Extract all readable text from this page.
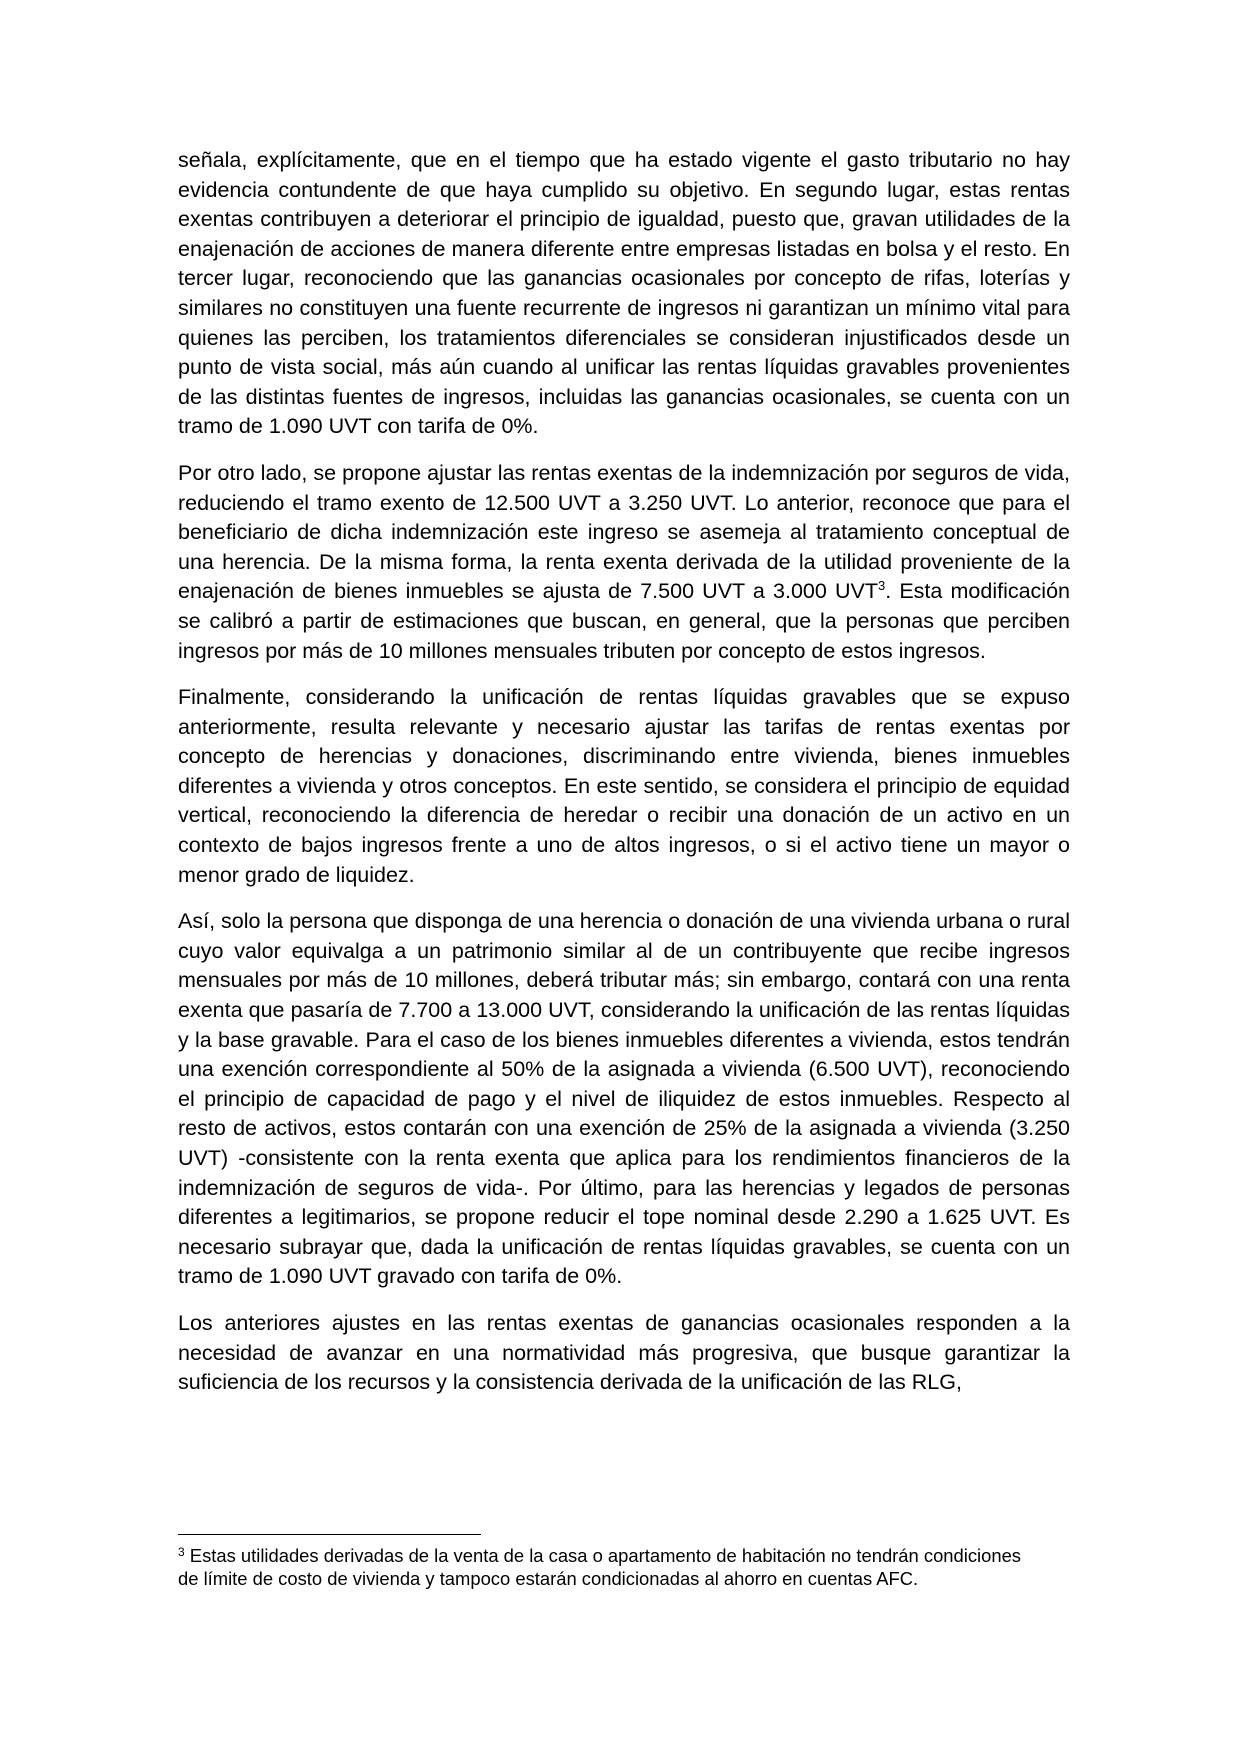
señala, explícitamente, que en el tiempo que ha estado vigente el gasto tributario no hay evidencia contundente de que haya cumplido su objetivo. En segundo lugar, estas rentas exentas contribuyen a deteriorar el principio de igualdad, puesto que, gravan utilidades de la enajenación de acciones de manera diferente entre empresas listadas en bolsa y el resto. En tercer lugar, reconociendo que las ganancias ocasionales por concepto de rifas, loterías y similares no constituyen una fuente recurrente de ingresos ni garantizan un mínimo vital para quienes las perciben, los tratamientos diferenciales se consideran injustificados desde un punto de vista social, más aún cuando al unificar las rentas líquidas gravables provenientes de las distintas fuentes de ingresos, incluidas las ganancias ocasionales, se cuenta con un tramo de 1.090 UVT con tarifa de 0%.

Por otro lado, se propone ajustar las rentas exentas de la indemnización por seguros de vida, reduciendo el tramo exento de 12.500 UVT a 3.250 UVT. Lo anterior, reconoce que para el beneficiario de dicha indemnización este ingreso se asemeja al tratamiento conceptual de una herencia. De la misma forma, la renta exenta derivada de la utilidad proveniente de la enajenación de bienes inmuebles se ajusta de 7.500 UVT a 3.000 UVT$^3$. Esta modificación se calibró a partir de estimaciones que buscan, en general, que la personas que perciben ingresos por más de 10 millones mensuales tributen por concepto de estos ingresos.

Finalmente, considerando la unificación de rentas líquidas gravables que se expuso anteriormente, resulta relevante y necesario ajustar las tarifas de rentas exentas por concepto de herencias y donaciones, discriminando entre vivienda, bienes inmuebles diferentes a vivienda y otros conceptos. En este sentido, se considera el principio de equidad vertical, reconociendo la diferencia de heredar o recibir una donación de un activo en un contexto de bajos ingresos frente a uno de altos ingresos, o si el activo tiene un mayor o menor grado de liquidez.

Así, solo la persona que disponga de una herencia o donación de una vivienda urbana o rural cuyo valor equivalga a un patrimonio similar al de un contribuyente que recibe ingresos mensuales por más de 10 millones, deberá tributar más; sin embargo, contará con una renta exenta que pasaría de 7.700 a 13.000 UVT, considerando la unificación de las rentas líquidas y la base gravable. Para el caso de los bienes inmuebles diferentes a vivienda, estos tendrán una exención correspondiente al 50% de la asignada a vivienda (6.500 UVT), reconociendo el principio de capacidad de pago y el nivel de iliquidez de estos inmuebles. Respecto al resto de activos, estos contarán con una exención de 25% de la asignada a vivienda (3.250 UVT) -consistente con la renta exenta que aplica para los rendimientos financieros de la indemnización de seguros de vida-. Por último, para las herencias y legados de personas diferentes a legitimarios, se propone reducir el tope nominal desde 2.290 a 1.625 UVT. Es necesario subrayar que, dada la unificación de rentas líquidas gravables, se cuenta con un tramo de 1.090 UVT gravado con tarifa de 0%.

Los anteriores ajustes en las rentas exentas de ganancias ocasionales responden a la necesidad de avanzar en una normatividad más progresiva, que busque garantizar la suficiencia de los recursos y la consistencia derivada de la unificación de las RLG,

$^3$ Estas utilidades derivadas de la venta de la casa o apartamento de habitación no tendrán condiciones de límite de costo de vivienda y tampoco estarán condicionadas al ahorro en cuentas AFC.
